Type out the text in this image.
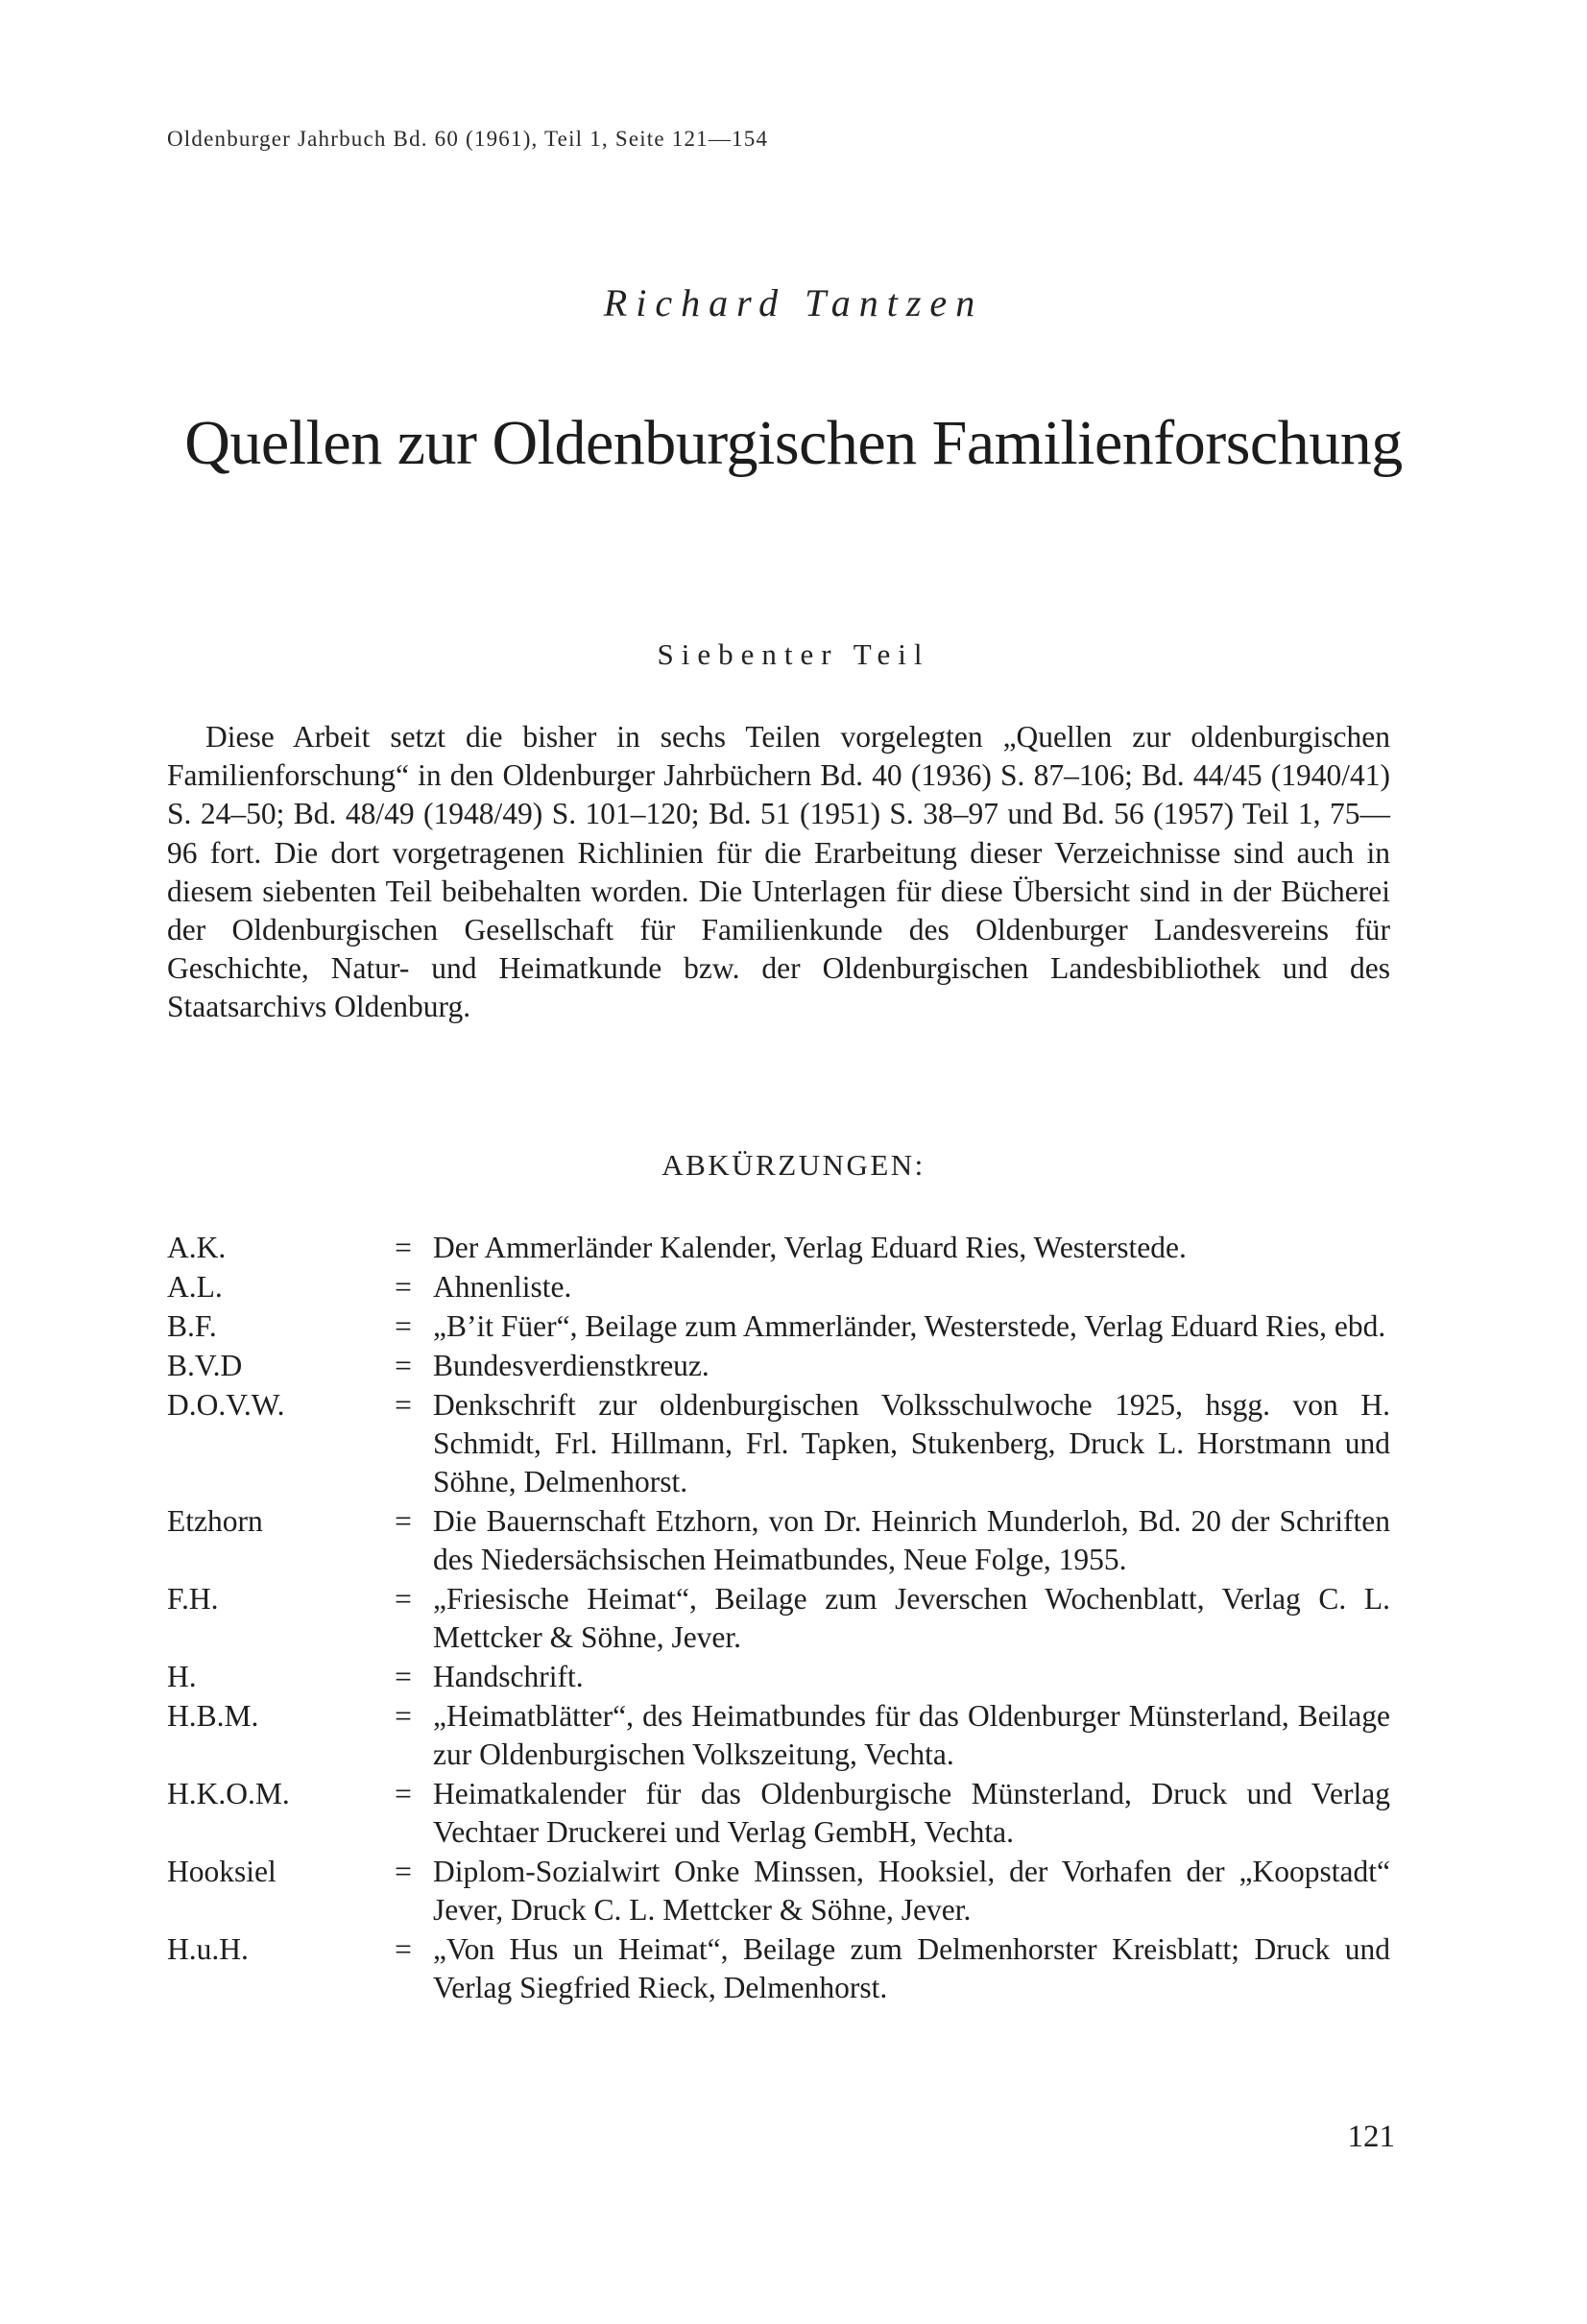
Oldenburger Jahrbuch Bd. 60 (1961), Teil 1, Seite 121—154
Richard Tantzen
Quellen zur Oldenburgischen Familienforschung
Siebenter Teil

Diese Arbeit setzt die bisher in sechs Teilen vorgelegten „Quellen zur oldenburgischen Familienforschung“ in den Oldenburger Jahrbüchern Bd. 40 (1936) S. 87–106; Bd. 44/45 (1940/41) S. 24–50; Bd. 48/49 (1948/49) S. 101–120; Bd. 51 (1951) S. 38–97 und Bd. 56 (1957) Teil 1, 75—96 fort. Die dort vorgetragenen Richlinien für die Erarbeitung dieser Verzeichnisse sind auch in diesem siebenten Teil beibehalten worden. Die Unterlagen für diese Übersicht sind in der Bücherei der Oldenburgischen Gesellschaft für Familienkunde des Oldenburger Landesvereins für Geschichte, Natur- und Heimatkunde bzw. der Oldenburgischen Landesbibliothek und des Staatsarchivs Oldenburg.

ABKÜRZUNGEN:
A.K.	= Der Ammerländer Kalender, Verlag Eduard Ries, Westerstede.
A.L.	= Ahnenliste.
B.F.	= „B’it Füer“, Beilage zum Ammerländer, Westerstede, Verlag Eduard Ries, ebd.
B.V.D	= Bundesverdienstkreuz.
D.O.V.W.	= Denkschrift zur oldenburgischen Volksschulwoche 1925, hsgg. von H. Schmidt, Frl. Hillmann, Frl. Tapken, Stukenberg, Druck L. Horstmann und Söhne, Delmenhorst.
Etzhorn	= Die Bauernschaft Etzhorn, von Dr. Heinrich Munderloh, Bd. 20 der Schriften des Niedersächsischen Heimatbundes, Neue Folge, 1955.
F.H.	= „Friesische Heimat“, Beilage zum Jeverschen Wochenblatt, Verlag C. L. Mettcker & Söhne, Jever.
H.	= Handschrift.
H.B.M.	= „Heimatblätter“, des Heimatbundes für das Oldenburger Münsterland, Beilage zur Oldenburgischen Volkszeitung, Vechta.
H.K.O.M.	= Heimatkalender für das Oldenburgische Münsterland, Druck und Verlag Vechtaer Druckerei und Verlag GembH, Vechta.
Hooksiel	= Diplom-Sozialwirt Onke Minssen, Hooksiel, der Vorhafen der „Koopstadt“ Jever, Druck C. L. Mettcker & Söhne, Jever.
H.u.H.	= „Von Hus un Heimat“, Beilage zum Delmenhorster Kreisblatt; Druck und Verlag Siegfried Rieck, Delmenhorst.
121
